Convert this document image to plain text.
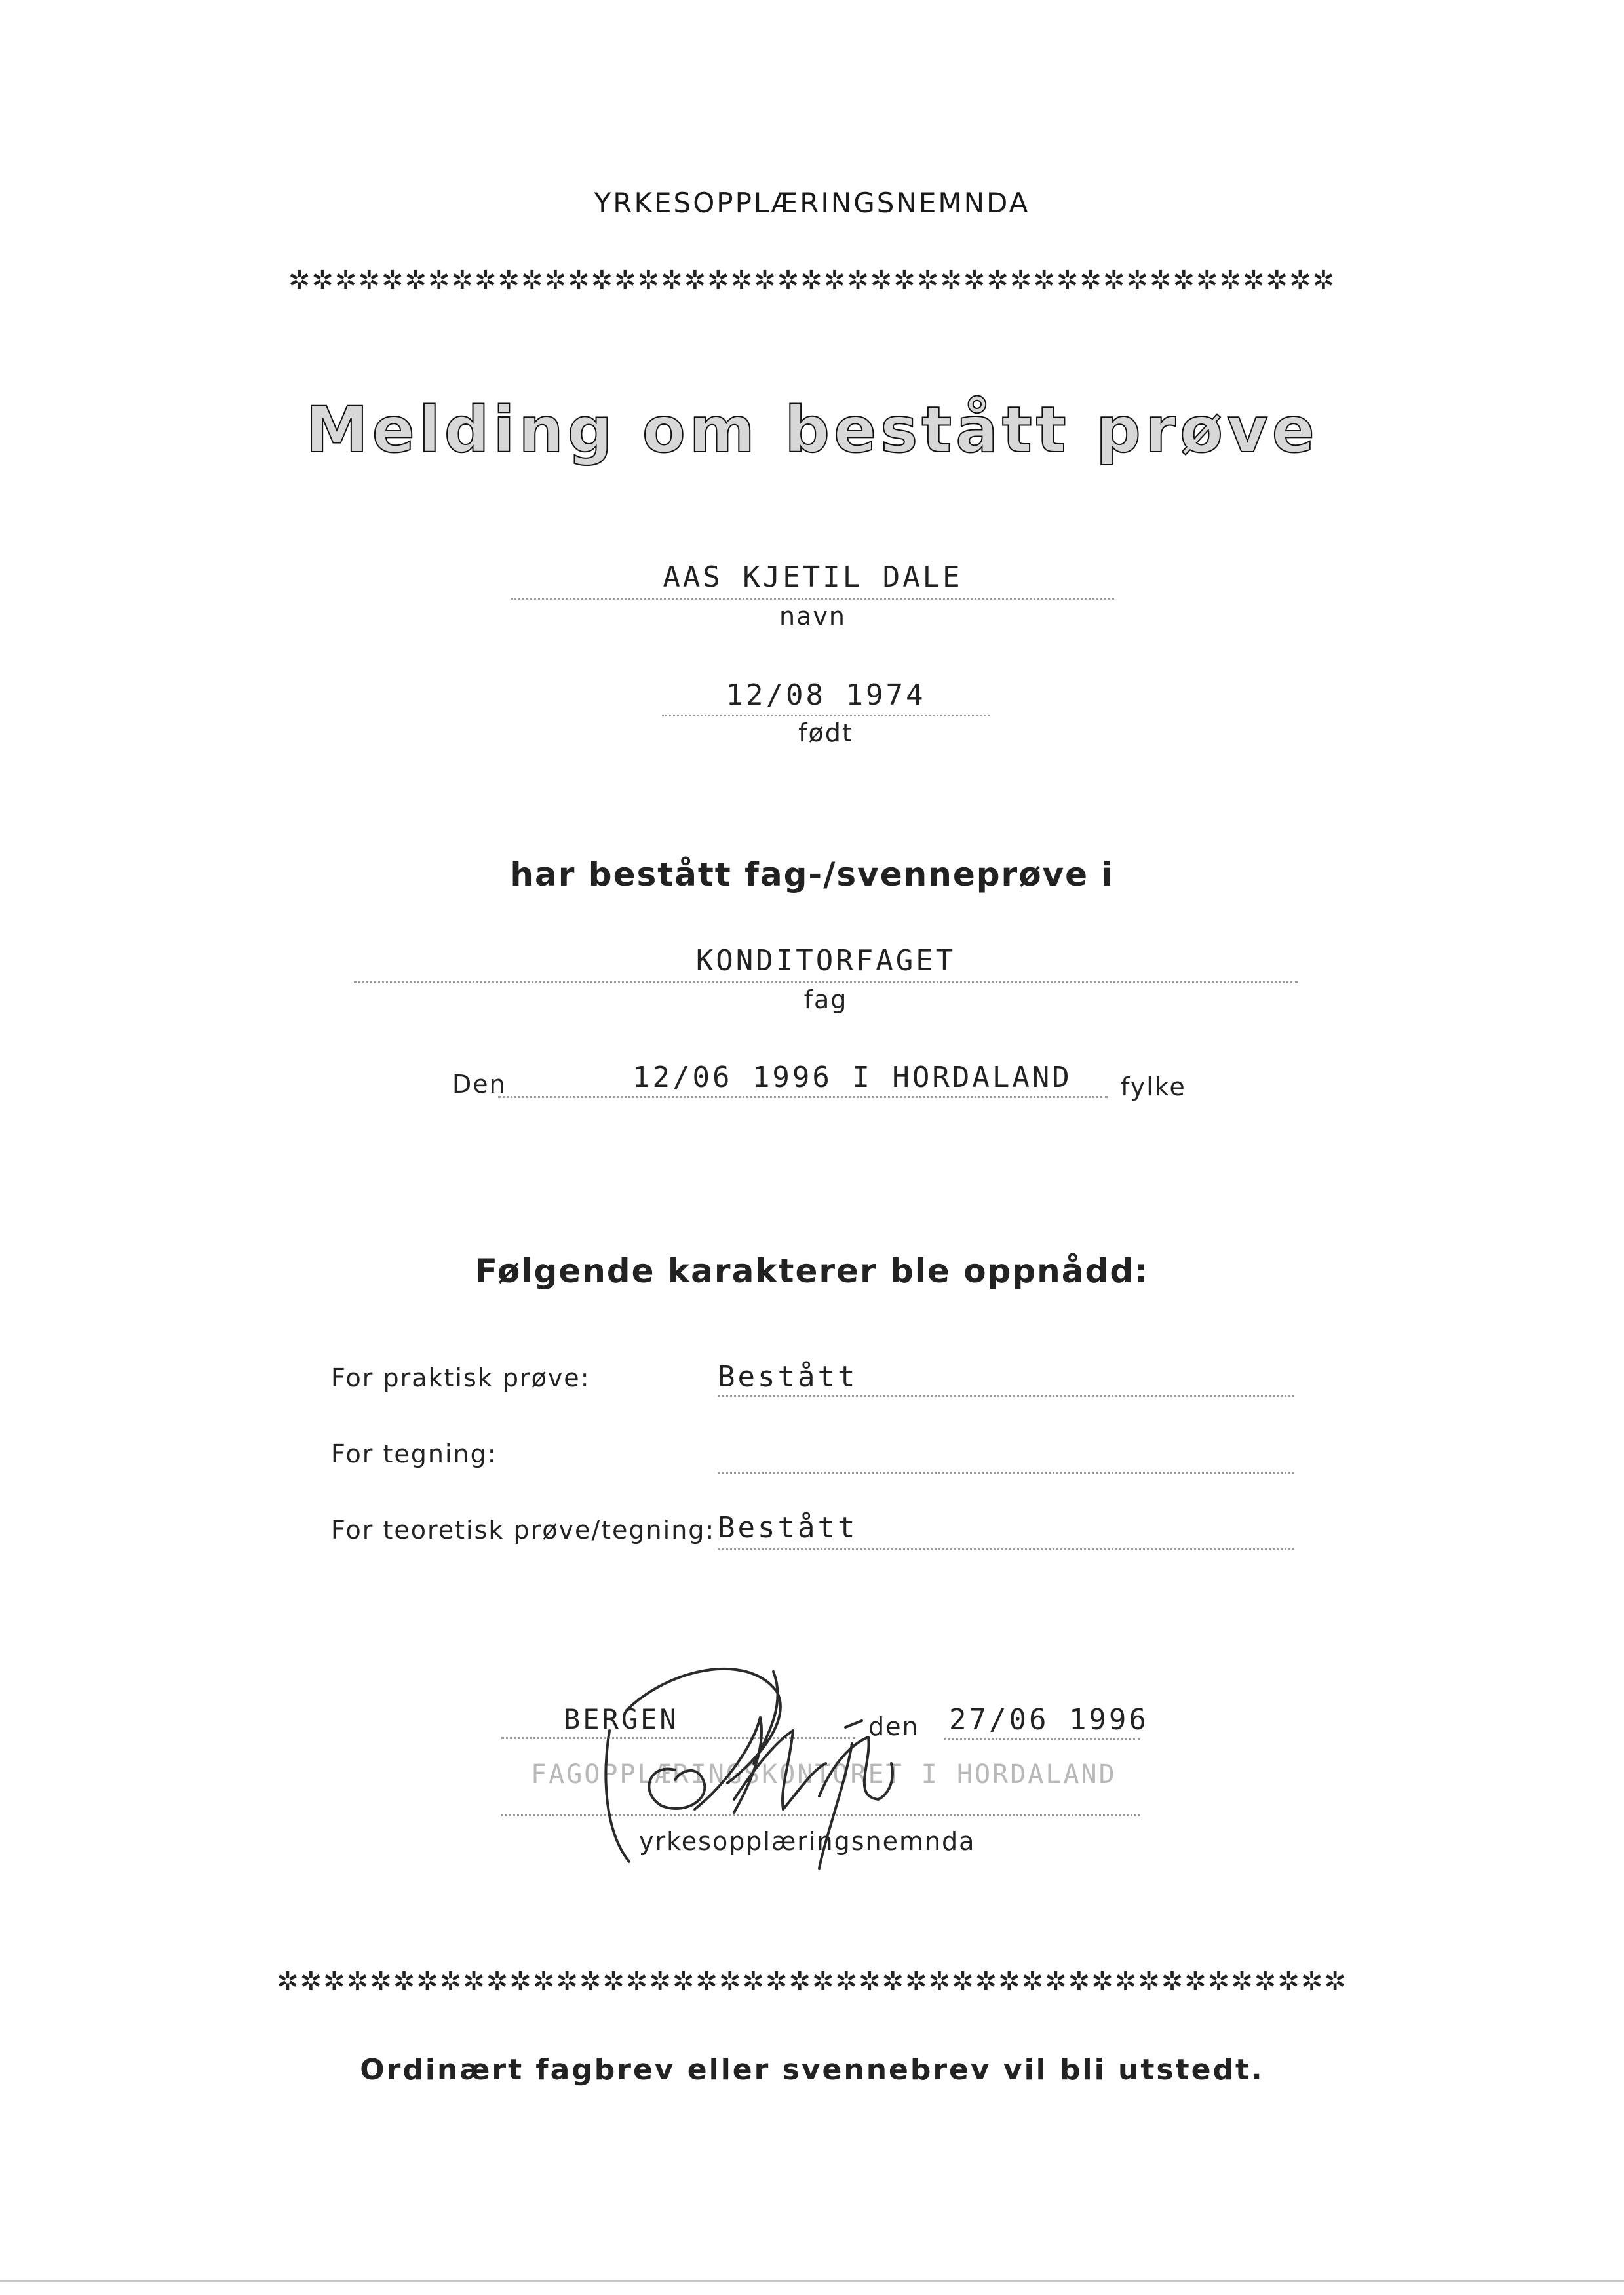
YRKESOPPLÆRINGSNEMNDA
✲✲✲✲✲✲✲✲✲✲✲✲✲✲✲✲✲✲✲✲✲✲✲✲✲✲✲✲✲✲✲✲✲✲✲✲✲✲✲✲✲✲✲✲✲
Melding om bestått prøve
AAS KJETIL DALE
navn
12/08 1974
født
har bestått fag-/svenneprøve i
KONDITORFAGET
fag
Den	12/06 1996 I HORDALAND fylke
Følgende karakterer ble oppnådd:
For praktisk prøve:	Bestått
For tegning:
For teoretisk prøve/tegning: Bestått
BERGEN	den 27/06 1996
FAGOPPLÆRINGSKONTORET I HORDALAND
yrkesopplæringsnemnda
✲✲✲✲✲✲✲✲✲✲✲✲✲✲✲✲✲✲✲✲✲✲✲✲✲✲✲✲✲✲✲✲✲✲✲✲✲✲✲✲✲✲✲✲✲✲
Ordinært fagbrev eller svennebrev vil bli utstedt.
